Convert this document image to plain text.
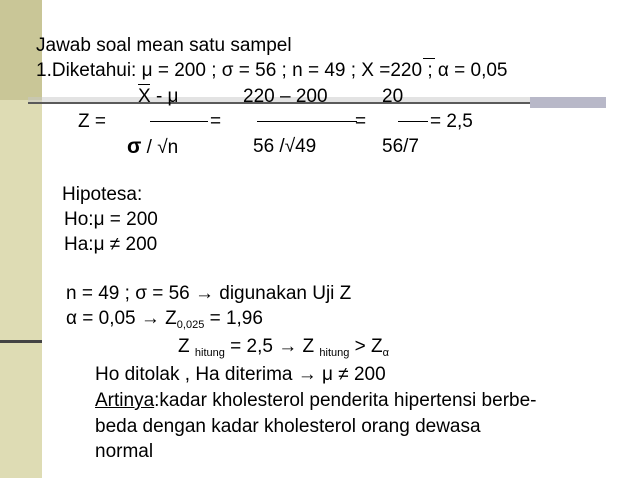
Jawab soal mean satu sampel
1.Diketahui: μ = 200 ; σ = 56 ; n = 49 ; X =220 ; α = 0,05
X - μ	220 – 200	20
Z =	=	=	= 2,5
σ / √n	56 /√49	56/7
Hipotesa:
Ho:μ = 200
Ha:μ ≠ 200
n = 49 ; σ = 56 → digunakan Uji Z
$\alpha = 0,05 \to Z_{0,025} = 1,96$
Z $_{hitung}$ = 2,5 → Z $_{hitung} > Z_\alpha$
Ho ditolak , Ha diterima → μ ≠ 200
Artinya:kadar kholesterol penderita hipertensi berbe-
beda dengan kadar kholesterol orang dewasa
normal
